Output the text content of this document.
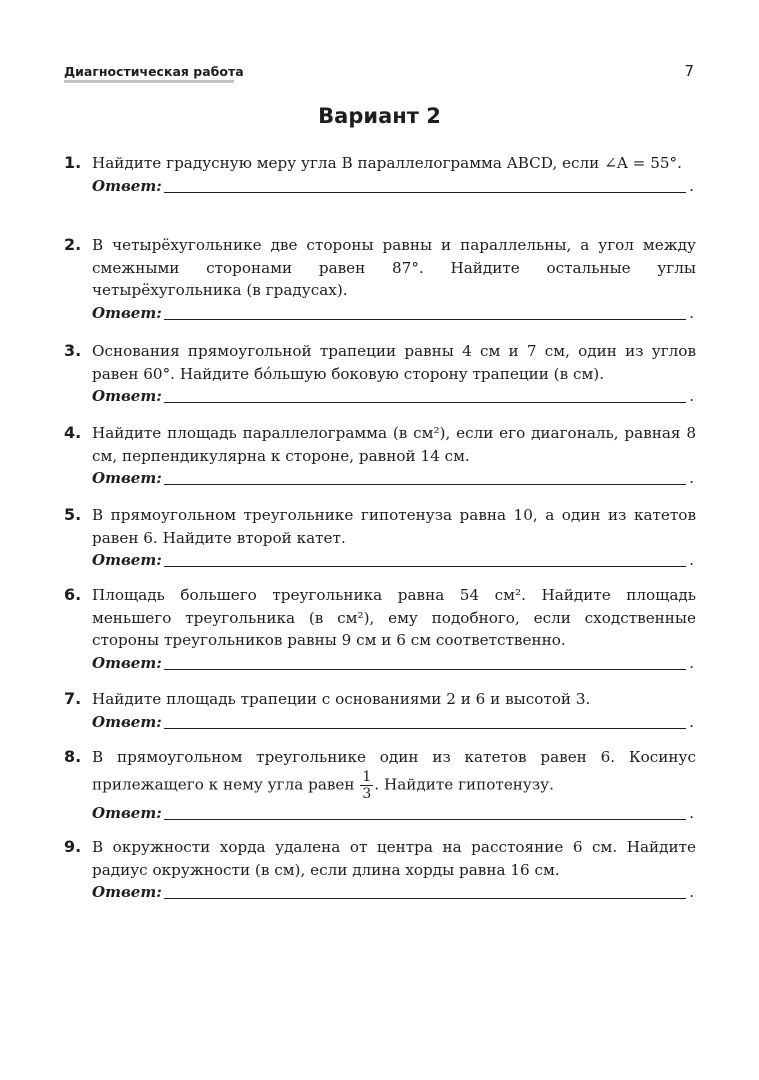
Диагностическая работа	7
Вариант 2
1. Найдите градусную меру угла B параллелограмма ABCD, если ∠A = 55°.
Ответ:	.
2. В четырёхугольнике две стороны равны и параллельны, а угол между смежными сторонами равен 87°. Найдите остальные углы четырёхугольника (в градусах).
Ответ:	.
3. Основания прямоугольной трапеции равны 4 см и 7 см, один из углов равен 60°. Найдите бóльшую боковую сторону трапеции (в см).
Ответ:	.
4. Найдите площадь параллелограмма (в см²), если его диагональ, равная 8 см, перпендикулярна к стороне, равной 14 см.
Ответ:	.
5. В прямоугольном треугольнике гипотенуза равна 10, а один из катетов равен 6. Найдите второй катет.
Ответ:	.
6. Площадь большего треугольника равна 54 см². Найдите площадь меньшего треугольника (в см²), ему подобного, если сходственные стороны треугольников равны 9 см и 6 см соответственно.
Ответ:	.
7. Найдите площадь трапеции с основаниями 2 и 6 и высотой 3.
Ответ:	.
8. В прямоугольном треугольнике один из катетов равен 6. Косинус прилежащего к нему угла равен $\frac{1}{3}$ . Найдите гипотенузу.
Ответ:	.
9. В окружности хорда удалена от центра на расстояние 6 см. Найдите радиус окружности (в см), если длина хорды равна 16 см.
Ответ:	.
